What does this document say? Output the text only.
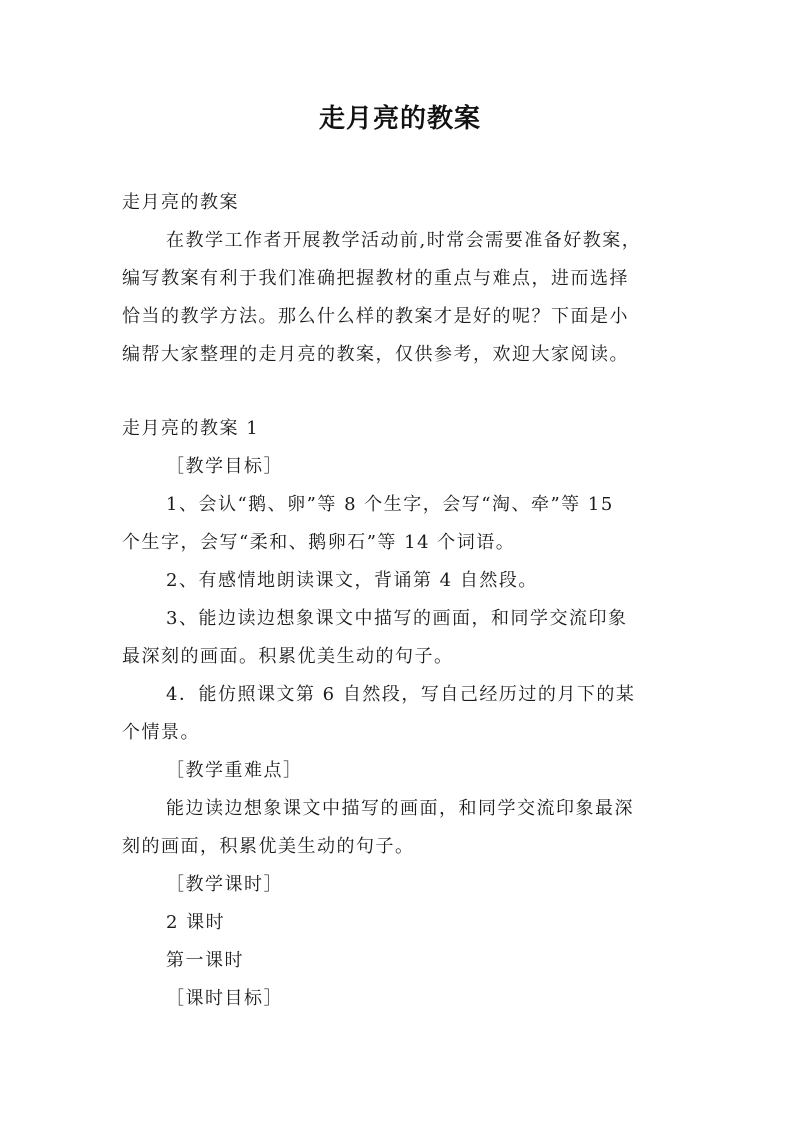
走月亮的教案
走月亮的教案
在教学工作者开展教学活动前,时常会需要准备好教案，
编写教案有利于我们准确把握教材的重点与难点，进而选择
恰当的教学方法。那么什么样的教案才是好的呢？下面是小
编帮大家整理的走月亮的教案，仅供参考，欢迎大家阅读。
走月亮的教案 1
［教学目标］
1、会认“鹅、卵”等 8 个生字，会写“淘、牵”等 15
个生字，会写“柔和、鹅卵石”等 14 个词语。
2、有感情地朗读课文，背诵第 4 自然段。
3、能边读边想象课文中描写的画面，和同学交流印象
最深刻的画面。积累优美生动的句子。
4．能仿照课文第 6 自然段，写自己经历过的月下的某
个情景。
［教学重难点］
能边读边想象课文中描写的画面，和同学交流印象最深
刻的画面，积累优美生动的句子。
［教学课时］
2 课时
第一课时
［课时目标］
